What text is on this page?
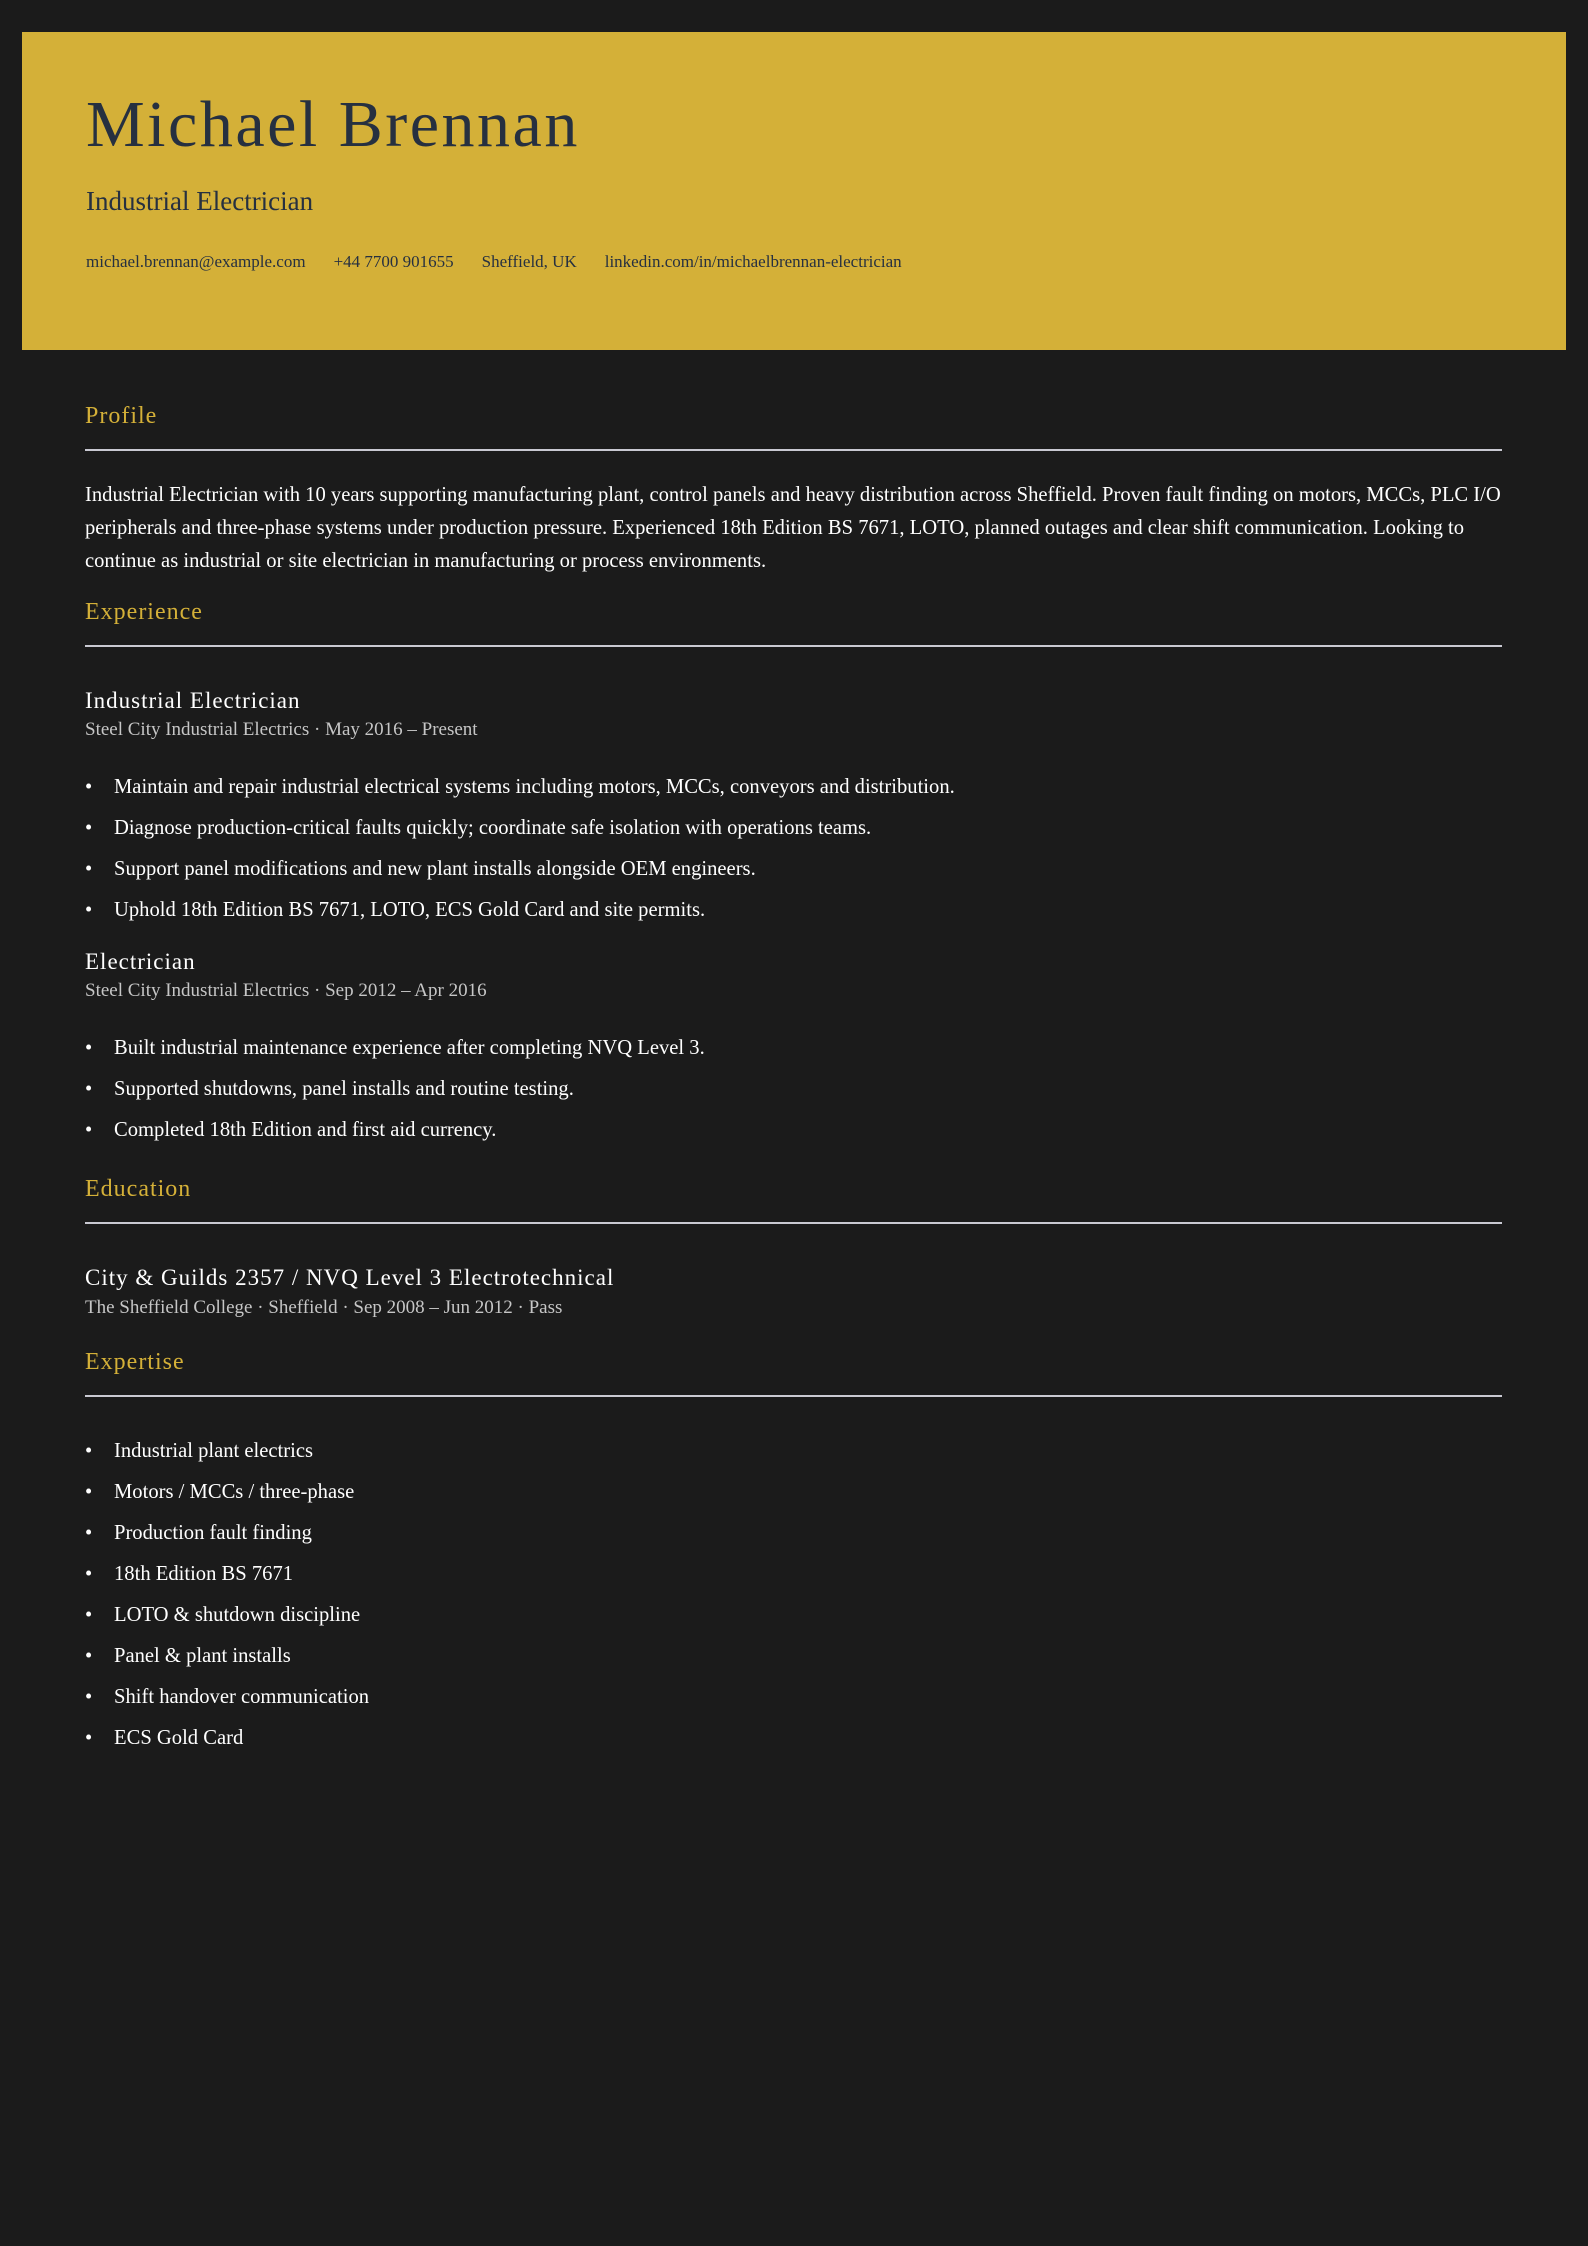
Michael Brennan
Industrial Electrician
michael.brennan@example.com +44 7700 901655 Sheffield, UK linkedin.com/in/michaelbrennan-electrician
Profile

Industrial Electrician with 10 years supporting manufacturing plant, control panels and heavy distribution across Sheffield. Proven fault finding on motors, MCCs, PLC I/O peripherals and three-phase systems under production pressure. Experienced 18th Edition BS 7671, LOTO, planned outages and clear shift communication. Looking to continue as industrial or site electrician in manufacturing or process environments.

Experience
Industrial Electrician
Steel City Industrial Electrics · May 2016 – Present
• Maintain and repair industrial electrical systems including motors, MCCs, conveyors and distribution.
• Diagnose production-critical faults quickly; coordinate safe isolation with operations teams.
• Support panel modifications and new plant installs alongside OEM engineers.
• Uphold 18th Edition BS 7671, LOTO, ECS Gold Card and site permits.
Electrician
Steel City Industrial Electrics · Sep 2012 – Apr 2016
• Built industrial maintenance experience after completing NVQ Level 3.
• Supported shutdowns, panel installs and routine testing.
• Completed 18th Edition and first aid currency.
Education
City & Guilds 2357 / NVQ Level 3 Electrotechnical
The Sheffield College · Sheffield · Sep 2008 – Jun 2012 · Pass
Expertise
• Industrial plant electrics
• Motors / MCCs / three-phase
• Production fault finding
• 18th Edition BS 7671
• LOTO & shutdown discipline
• Panel & plant installs
• Shift handover communication
• ECS Gold Card
